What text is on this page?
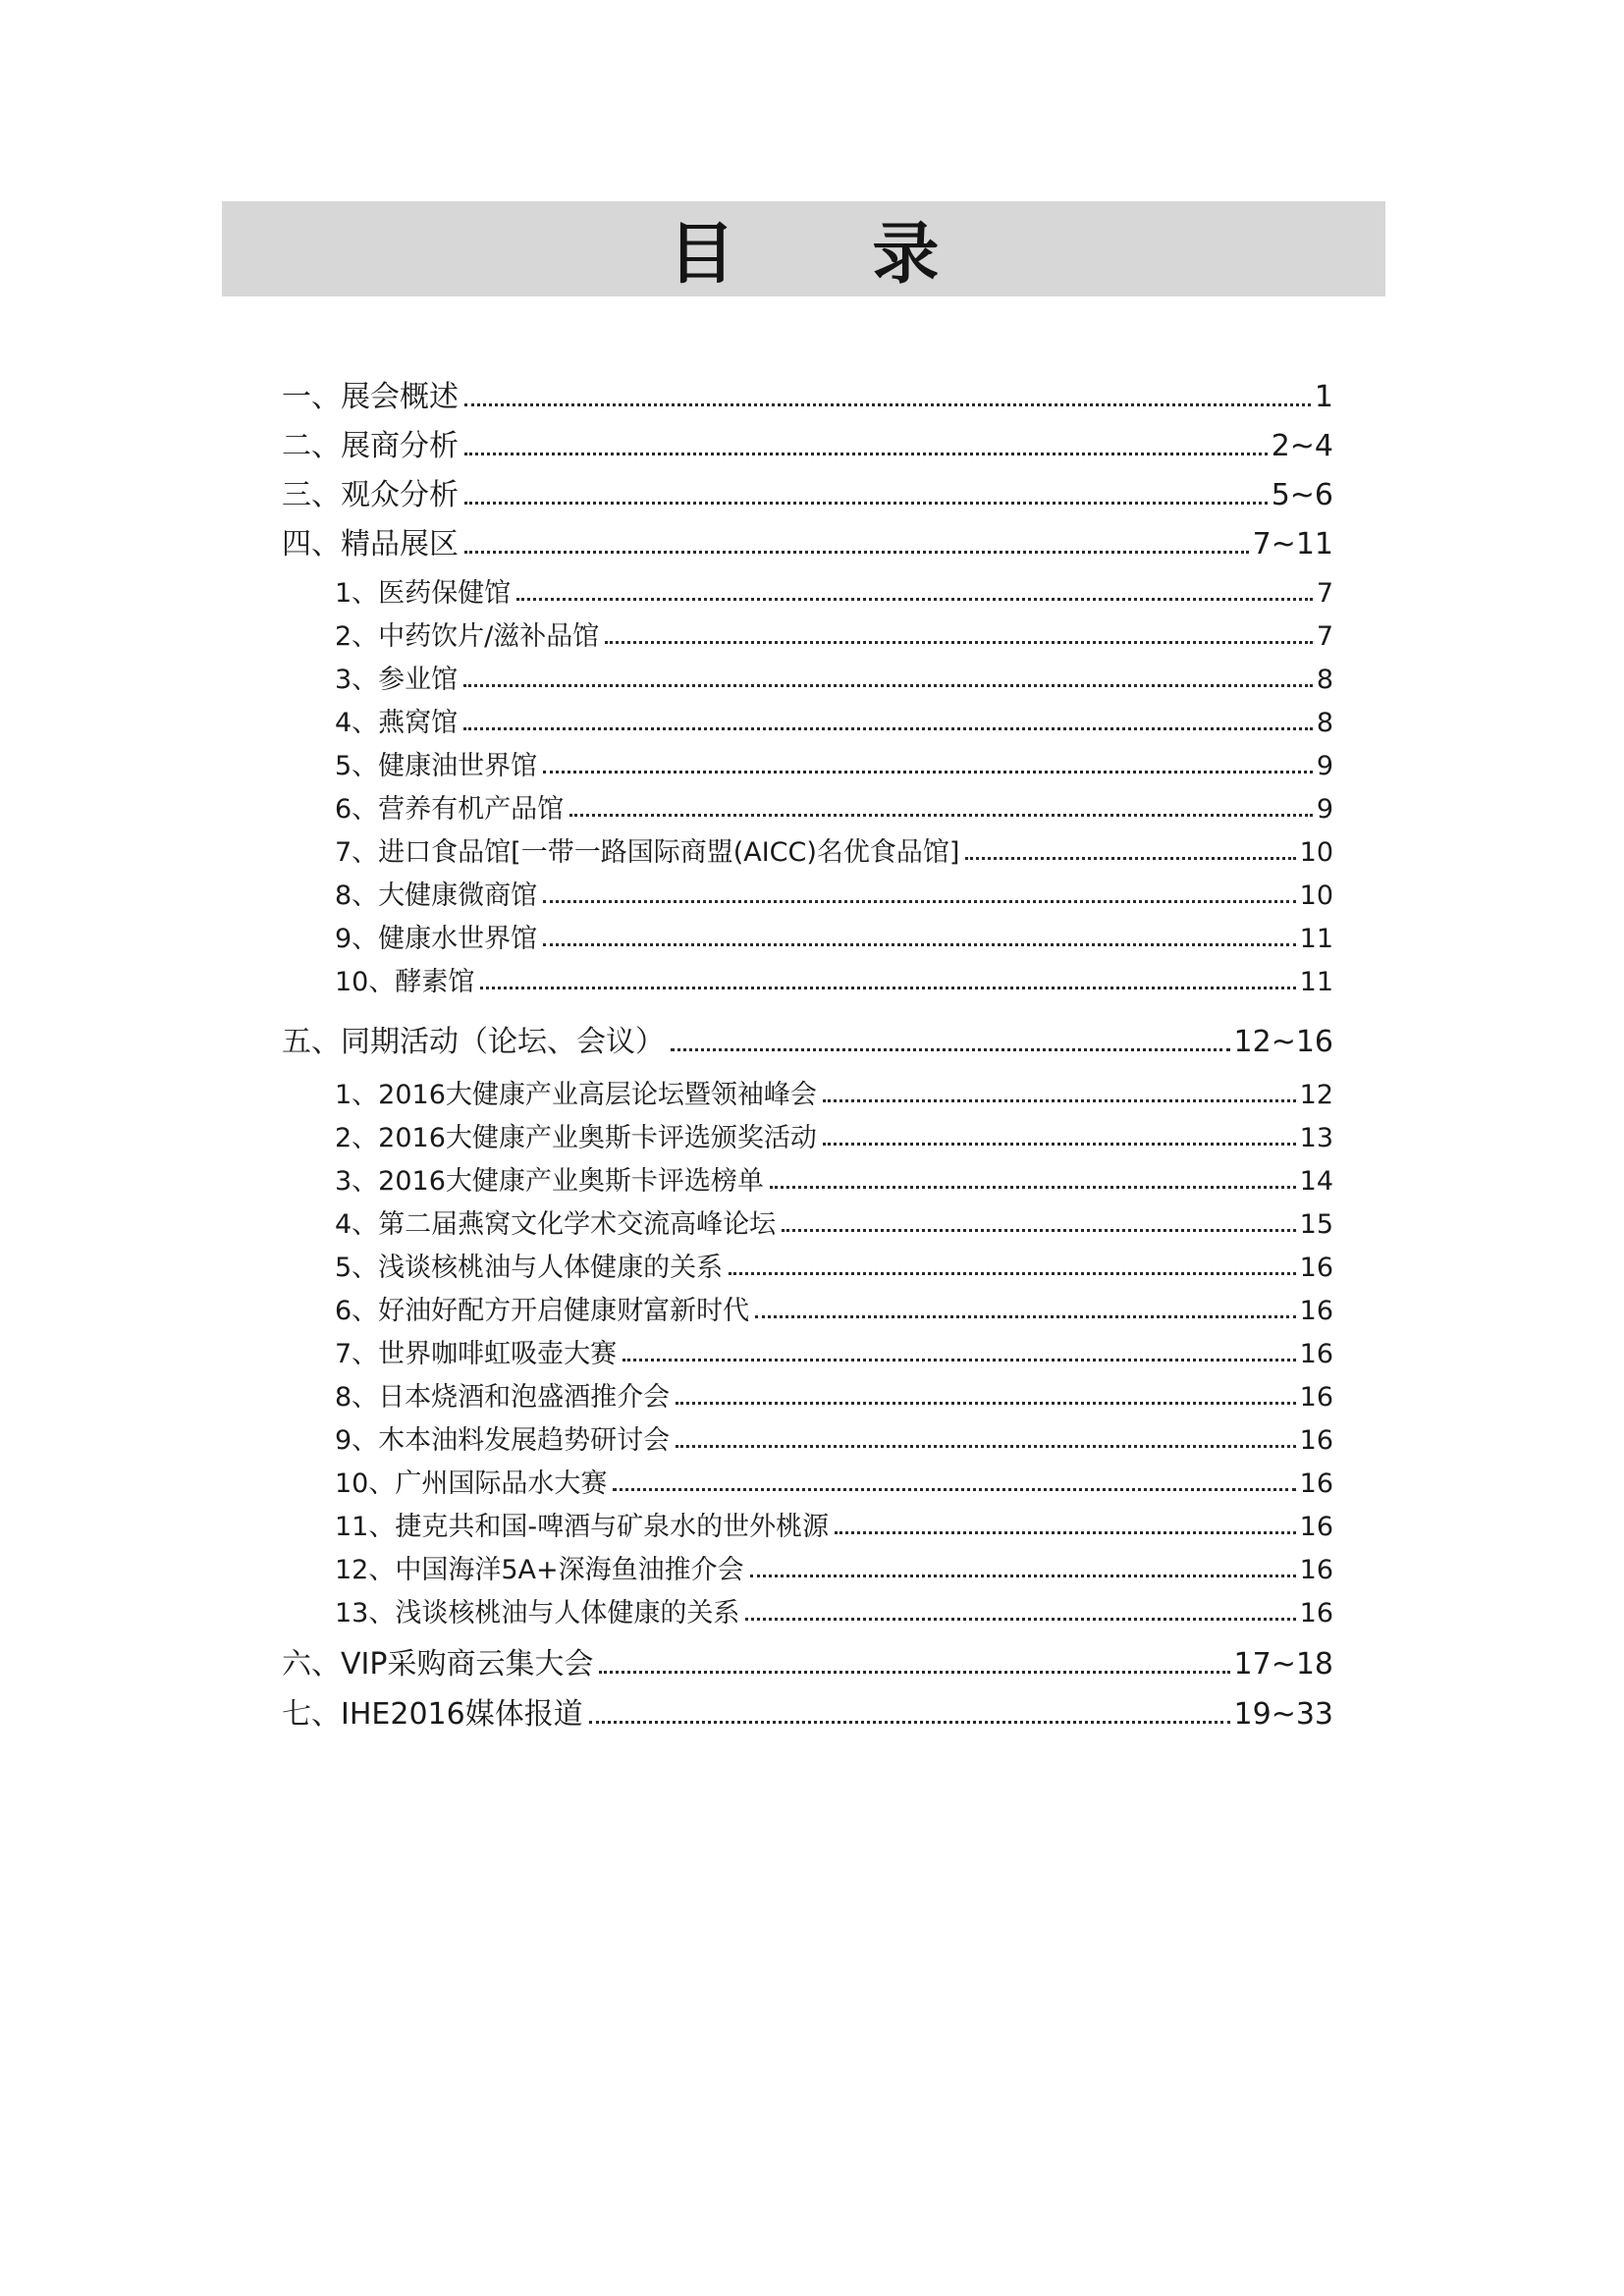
目 录
一、展会概述	1
二、展商分析	2~4
三、观众分析	5~6
四、精品展区	7~11
1、医药保健馆	7
2、中药饮片/滋补品馆	7
3、参业馆	8
4、燕窝馆	8
5、健康油世界馆	9
6、营养有机产品馆	9
7、进口食品馆[一带一路国际商盟(AICC)名优食品馆]	10
8、大健康微商馆	10
9、健康水世界馆	11
10、酵素馆	11
五、同期活动（论坛、会议）	12~16
1、2016大健康产业高层论坛暨领袖峰会	12
2、2016大健康产业奥斯卡评选颁奖活动	13
3、2016大健康产业奥斯卡评选榜单	14
4、第二届燕窝文化学术交流高峰论坛	15
5、浅谈核桃油与人体健康的关系	16
6、好油好配方开启健康财富新时代	16
7、世界咖啡虹吸壶大赛	16
8、日本烧酒和泡盛酒推介会	16
9、木本油料发展趋势研讨会	16
10、广州国际品水大赛	16
11、捷克共和国-啤酒与矿泉水的世外桃源	16
12、中国海洋5A+深海鱼油推介会	16
13、浅谈核桃油与人体健康的关系	16
六、VIP采购商云集大会	17~18
七、IHE2016媒体报道	19~33
